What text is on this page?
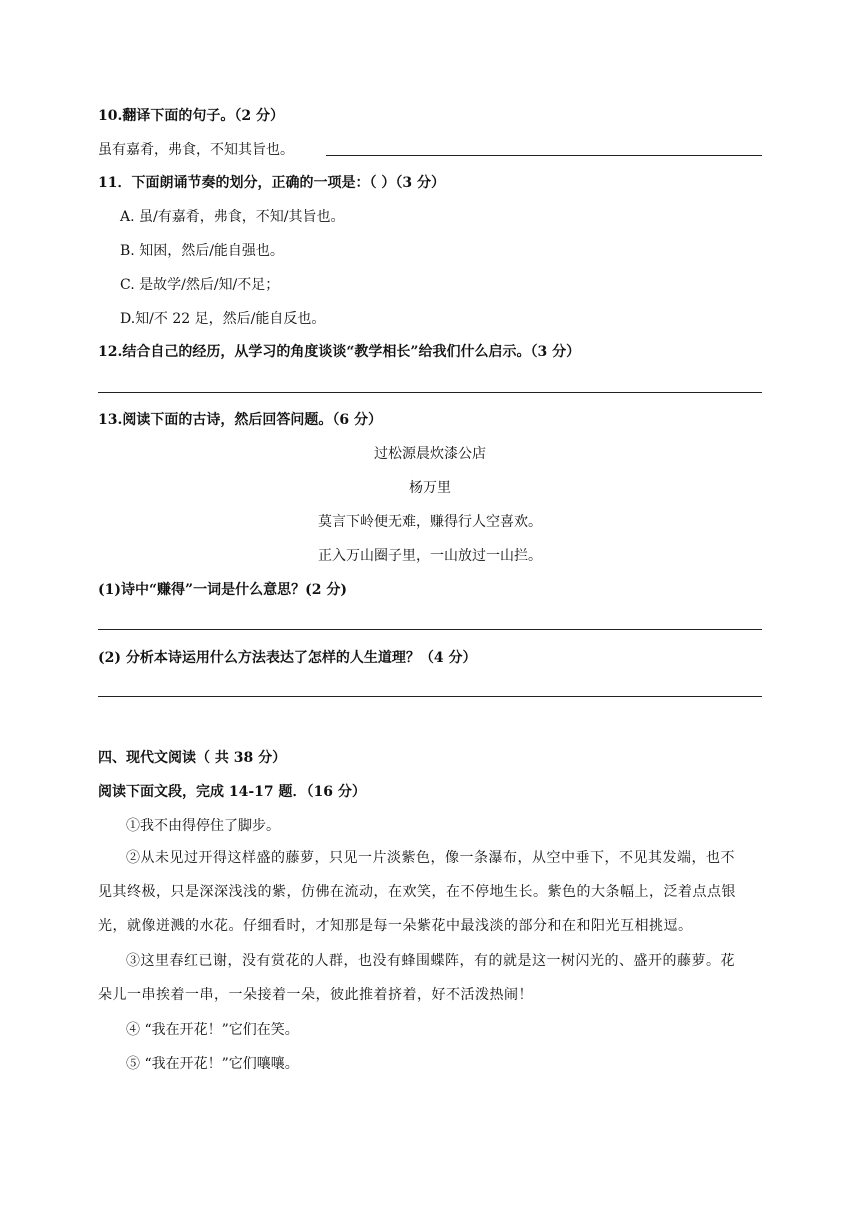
10.翻译下面的句子。（2 分）
虽有嘉肴，弗食，不知其旨也。
11．下面朗诵节奏的划分，正确的一项是：（ ）（3 分）
A. 虽/有嘉肴，弗食，不知/其旨也。
B. 知困，然后/能自强也。
C. 是故学/然后/知/不足；
D.知/不 22 足，然后/能自反也。
12.结合自己的经历，从学习的角度谈谈“教学相长”给我们什么启示。（3 分）
13.阅读下面的古诗，然后回答问题。（6 分）
过松源晨炊漆公店
杨万里
莫言下岭便无难，赚得行人空喜欢。
正入万山圈子里，一山放过一山拦。
(1)诗中“赚得”一词是什么意思？(2 分)
(2) 分析本诗运用什么方法表达了怎样的人生道理？（4 分）
四、现代文阅读（ 共 38 分）
阅读下面文段，完成 14-17 题．（16 分）
①我不由得停住了脚步。
②从未见过开得这样盛的藤萝，只见一片淡紫色，像一条瀑布，从空中垂下，不见其发端，也不
见其终极，只是深深浅浅的紫，仿佛在流动，在欢笑，在不停地生长。紫色的大条幅上，泛着点点银
光，就像迸溅的水花。仔细看时，才知那是每一朵紫花中最浅淡的部分和在和阳光互相挑逗。
③这里春红已谢，没有赏花的人群，也没有蜂围蝶阵，有的就是这一树闪光的、盛开的藤萝。花
朵儿一串挨着一串，一朵接着一朵，彼此推着挤着，好不活泼热闹！
④ “我在开花！”它们在笑。
⑤ “我在开花！”它们嚷嚷。
